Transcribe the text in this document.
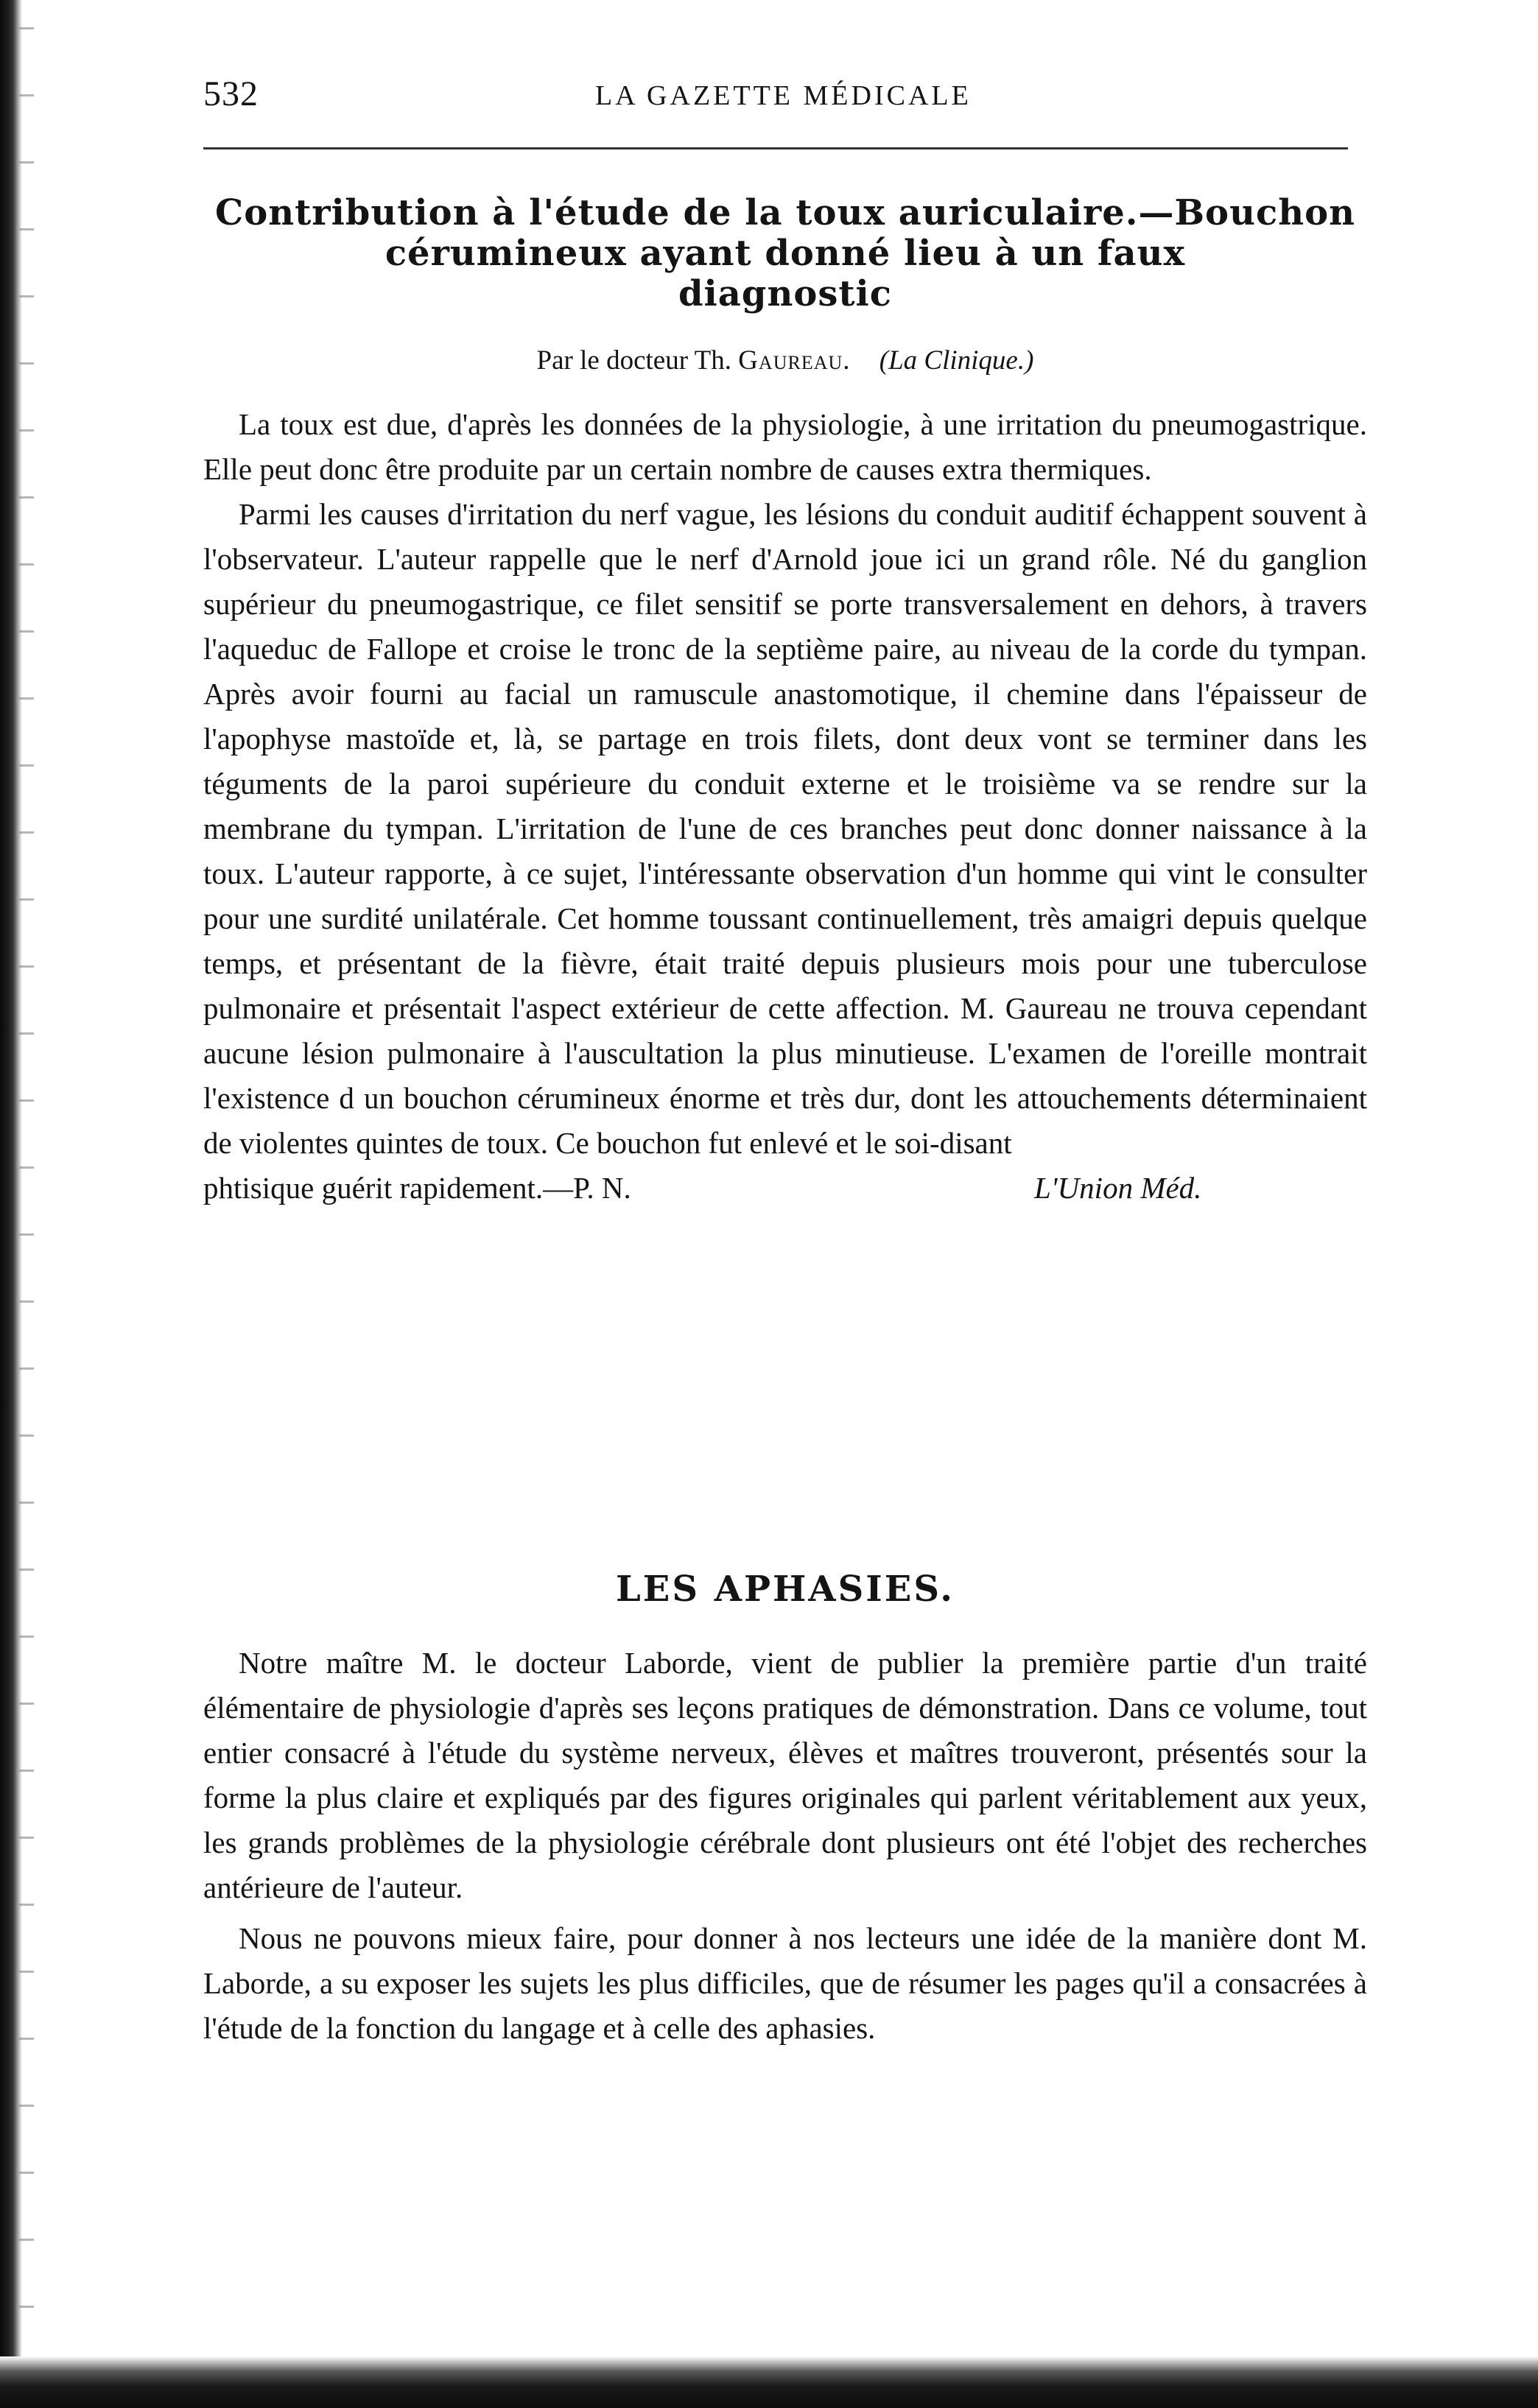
532	LA GAZETTE MÉDICALE
Contribution à l'étude de la toux auriculaire.—Bouchon
cérumineux ayant donné lieu à un faux
diagnostic
Par le docteur Th. Gaureau. (La Clinique.)

La toux est due, d'après les données de la physiologie, à une irritation du pneumogastrique. Elle peut donc être produite par un certain nombre de causes extra thermiques.

Parmi les causes d'irritation du nerf vague, les lésions du conduit auditif échappent souvent à l'observateur. L'auteur rappelle que le nerf d'Arnold joue ici un grand rôle. Né du ganglion supérieur du pneumogastrique, ce filet sensitif se porte transversalement en dehors, à travers l'aqueduc de Fallope et croise le tronc de la septième paire, au niveau de la corde du tympan. Après avoir fourni au facial un ramuscule anastomotique, il chemine dans l'épaisseur de l'apophyse mastoïde et, là, se partage en trois filets, dont deux vont se terminer dans les téguments de la paroi supérieure du conduit externe et le troisième va se rendre sur la membrane du tympan. L'irritation de l'une de ces branches peut donc donner naissance à la toux. L'auteur rapporte, à ce sujet, l'intéressante observation d'un homme qui vint le consulter pour une surdité unilatérale. Cet homme toussant continuellement, très amaigri depuis quelque temps, et présentant de la fièvre, était traité depuis plusieurs mois pour une tuberculose pulmonaire et présentait l'aspect extérieur de cette affection. M. Gaureau ne trouva cependant aucune lésion pulmonaire à l'auscultation la plus minutieuse. L'examen de l'oreille montrait l'existence d un bouchon cérumineux énorme et très dur, dont les attouchements déterminaient de violentes quintes de toux. Ce bouchon fut enlevé et le soi-disant

phtisique guérit rapidement.—P. N.	L'Union Méd.
LES APHASIES.

Notre maître M. le docteur Laborde, vient de publier la première partie d'un traité élémentaire de physiologie d'après ses leçons pratiques de démonstration. Dans ce volume, tout entier consacré à l'étude du système nerveux, élèves et maîtres trouveront, présentés sour la forme la plus claire et expliqués par des figures originales qui parlent véritablement aux yeux, les grands problèmes de la physiologie cérébrale dont plusieurs ont été l'objet des recherches antérieure de l'auteur.

Nous ne pouvons mieux faire, pour donner à nos lecteurs une idée de la manière dont M. Laborde, a su exposer les sujets les plus difficiles, que de résumer les pages qu'il a consacrées à l'étude de la fonction du langage et à celle des aphasies.
